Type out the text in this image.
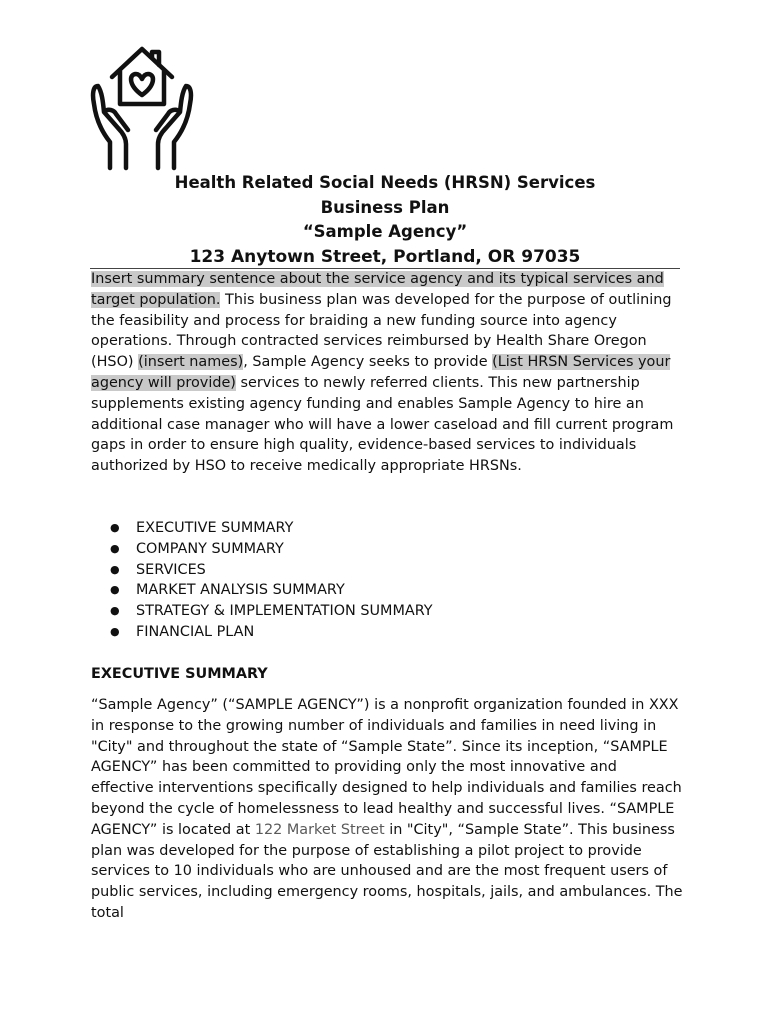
Health Related Social Needs (HRSN) Services
Business Plan
“Sample Agency”
123 Anytown Street, Portland, OR 97035

Insert summary sentence about the service agency and its typical services and target population. This business plan was developed for the purpose of outlining the feasibility and process for braiding a new funding source into agency operations. Through contracted services reimbursed by Health Share Oregon (HSO) (insert names), Sample Agency seeks to provide (List HRSN Services your agency will provide) services to newly referred clients. This new partnership supplements existing agency funding and enables Sample Agency to hire an additional case manager who will have a lower caseload and fill current program gaps in order to ensure high quality, evidence-based services to individuals authorized by HSO to receive medically appropriate HRSNs.

● EXECUTIVE SUMMARY
● COMPANY SUMMARY
● SERVICES
● MARKET ANALYSIS SUMMARY
● STRATEGY & IMPLEMENTATION SUMMARY
● FINANCIAL PLAN
EXECUTIVE SUMMARY

“Sample Agency” (“SAMPLE AGENCY”) is a nonprofit organization founded in XXX in response to the growing number of individuals and families in need living in "City" and throughout the state of “Sample State”. Since its inception, “SAMPLE AGENCY” has been committed to providing only the most innovative and effective interventions specifically designed to help individuals and families reach beyond the cycle of homelessness to lead healthy and successful lives. “SAMPLE AGENCY” is located at 122 Market Street in "City", “Sample State”. This business plan was developed for the purpose of establishing a pilot project to provide services to 10 individuals who are unhoused and are the most frequent users of public services, including emergency rooms, hospitals, jails, and ambulances. The total
